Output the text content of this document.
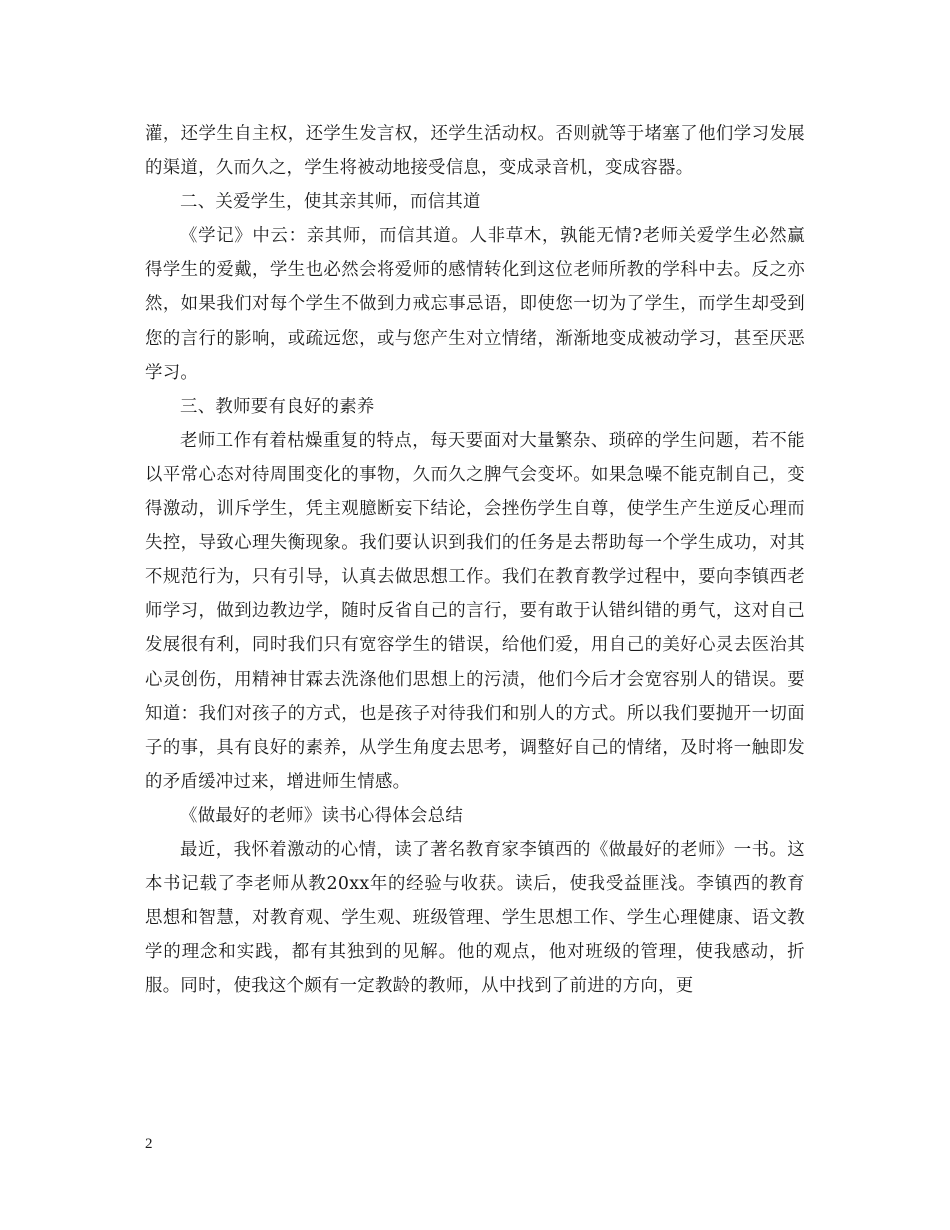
灌，还学生自主权，还学生发言权，还学生活动权。否则就等于堵塞了他们学习发展的渠道，久而久之，学生将被动地接受信息，变成录音机，变成容器。

二、关爱学生，使其亲其师，而信其道

《学记》中云：亲其师，而信其道。人非草木，孰能无情?老师关爱学生必然赢得学生的爱戴，学生也必然会将爱师的感情转化到这位老师所教的学科中去。反之亦然，如果我们对每个学生不做到力戒忘事忌语，即使您一切为了学生，而学生却受到您的言行的影响，或疏远您，或与您产生对立情绪，渐渐地变成被动学习，甚至厌恶学习。

三、教师要有良好的素养

老师工作有着枯燥重复的特点，每天要面对大量繁杂、琐碎的学生问题，若不能以平常心态对待周围变化的事物，久而久之脾气会变坏。如果急噪不能克制自己，变得激动，训斥学生，凭主观臆断妄下结论，会挫伤学生自尊，使学生产生逆反心理而失控，导致心理失衡现象。我们要认识到我们的任务是去帮助每一个学生成功，对其不规范行为，只有引导，认真去做思想工作。我们在教育教学过程中，要向李镇西老师学习，做到边教边学，随时反省自己的言行，要有敢于认错纠错的勇气，这对自己发展很有利，同时我们只有宽容学生的错误，给他们爱，用自己的美好心灵去医治其心灵创伤，用精神甘霖去洗涤他们思想上的污渍，他们今后才会宽容别人的错误。要知道：我们对孩子的方式，也是孩子对待我们和别人的方式。所以我们要抛开一切面子的事，具有良好的素养，从学生角度去思考，调整好自己的情绪，及时将一触即发的矛盾缓冲过来，增进师生情感。

《做最好的老师》读书心得体会总结

最近，我怀着激动的心情，读了著名教育家李镇西的《做最好的老师》一书。这本书记载了李老师从教20xx年的经验与收获。读后，使我受益匪浅。李镇西的教育思想和智慧，对教育观、学生观、班级管理、学生思想工作、学生心理健康、语文教学的理念和实践，都有其独到的见解。他的观点，他对班级的管理，使我感动，折服。同时，使我这个颇有一定教龄的教师，从中找到了前进的方向，更

2
